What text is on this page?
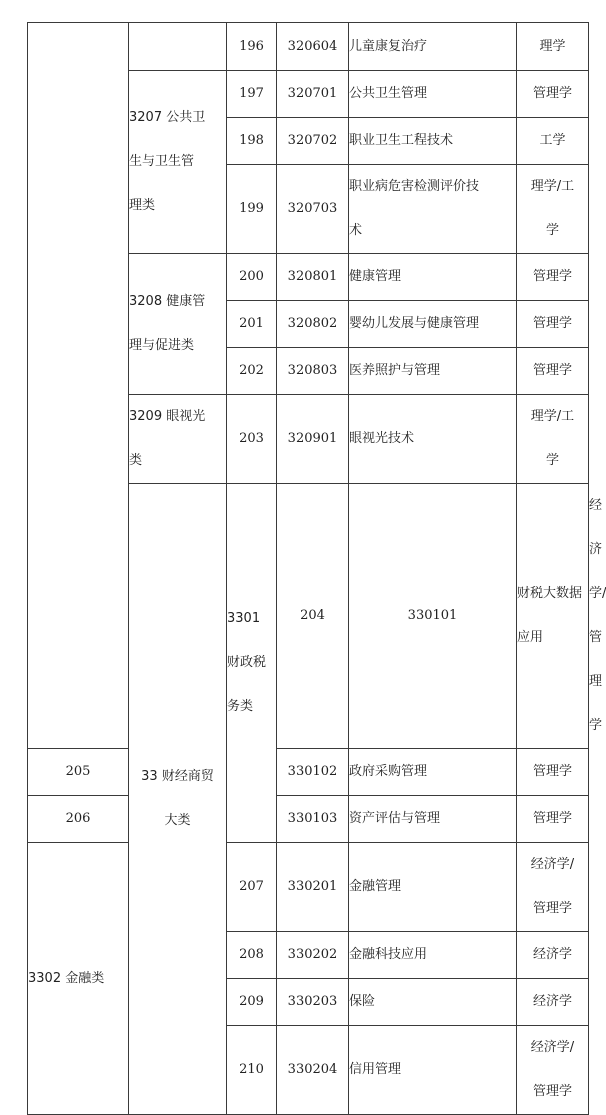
		196	320604	儿童康复治疗	理学	

	3207 公共卫
生与卫生管
理类	197	320701	公共卫生管理	管理学	

		198	320702	职业卫生工程技术	工学	

		199	320703	职业病危害检测评价技
术	理学/工
学	

	3208 健康管
理与促进类	200	320801	健康管理	管理学	

		201	320802	婴幼儿发展与健康管理	管理学	

		202	320803	医养照护与管理	管理学	

	3209 眼视光
类	203	320901	眼视光技术	理学/工
学	

	33 财经商贸
大类	3301 财政税
务类	204	330101	财税大数据应用	经济学/
管理学

205			330102	政府采购管理	管理学	

206			330103	资产评估与管理	管理学	

3302 金融类		207	330201	金融管理	经济学/
管理学	

		208	330202	金融科技应用	经济学	

		209	330203	保险	经济学	

		210	330204	信用管理	经济学/
管理学	
